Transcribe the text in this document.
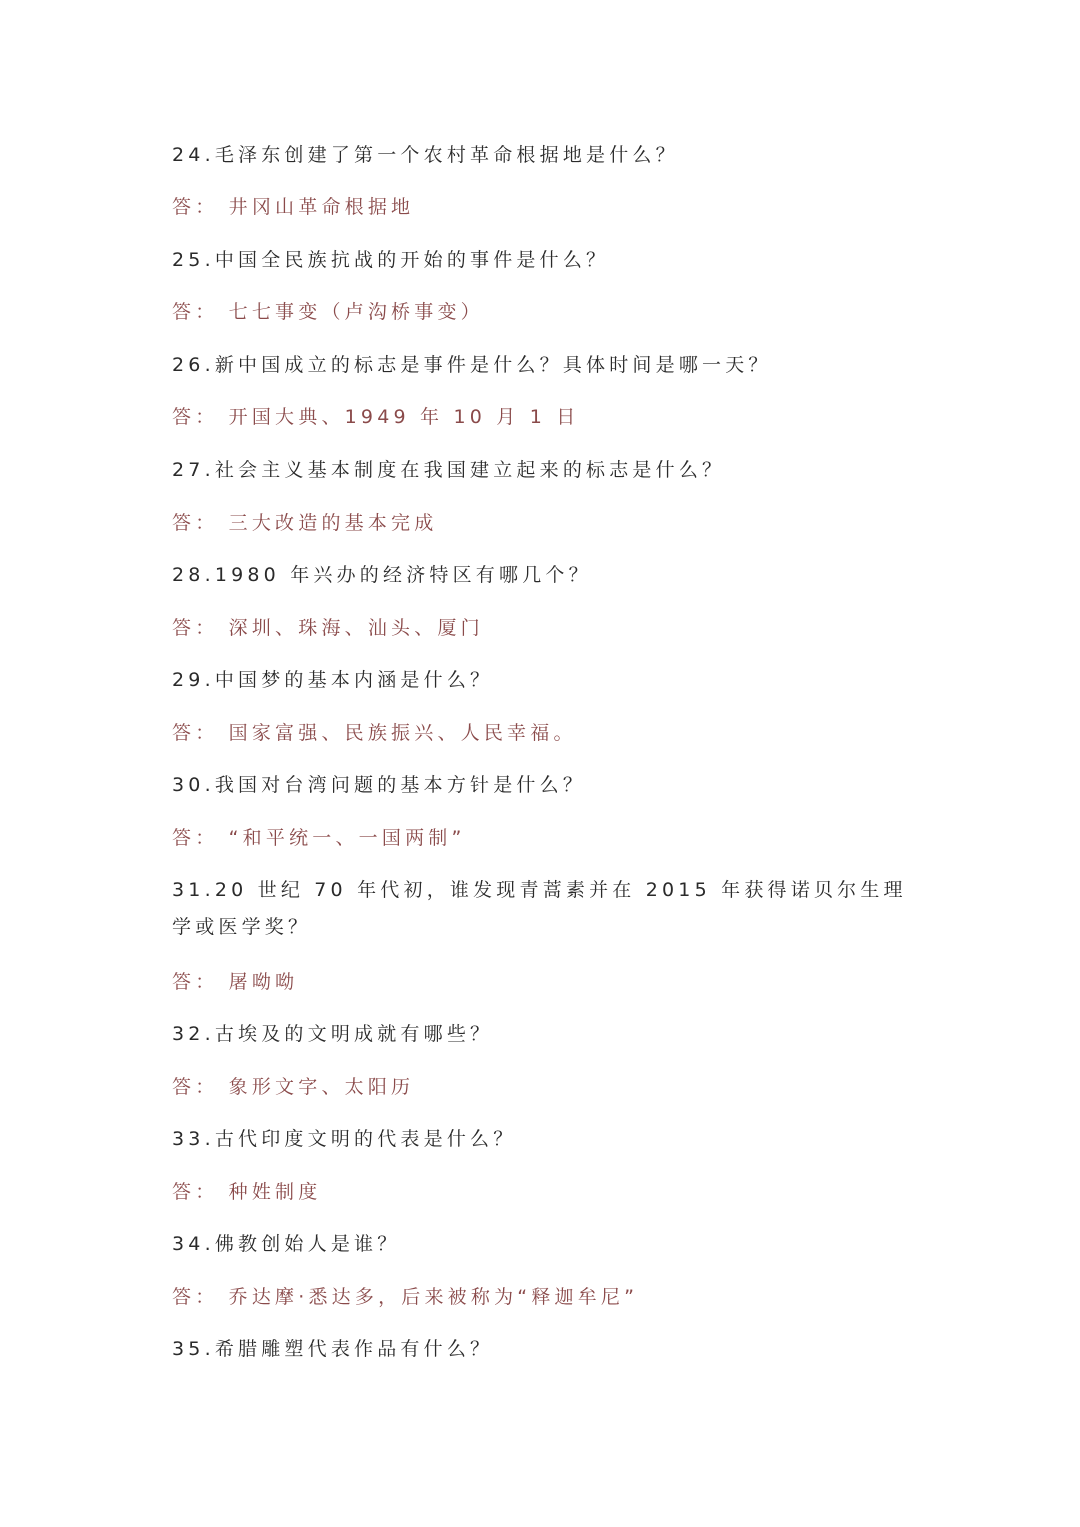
24.毛泽东创建了第一个农村革命根据地是什么？
答： 井冈山革命根据地
25.中国全民族抗战的开始的事件是什么？
答： 七七事变（卢沟桥事变）
26.新中国成立的标志是事件是什么？具体时间是哪一天？
答： 开国大典、1949 年 10 月 1 日
27.社会主义基本制度在我国建立起来的标志是什么？
答： 三大改造的基本完成
28.1980 年兴办的经济特区有哪几个？
答： 深圳、珠海、汕头、厦门
29.中国梦的基本内涵是什么？
答： 国家富强、民族振兴、人民幸福。
30.我国对台湾问题的基本方针是什么？
答： “和平统一、一国两制”
31.20 世纪 70 年代初，谁发现青蒿素并在 2015 年获得诺贝尔生理学或医学奖？
答： 屠呦呦
32.古埃及的文明成就有哪些？
答： 象形文字、太阳历
33.古代印度文明的代表是什么？
答： 种姓制度
34.佛教创始人是谁？
答： 乔达摩·悉达多，后来被称为“释迦牟尼”
35.希腊雕塑代表作品有什么？
